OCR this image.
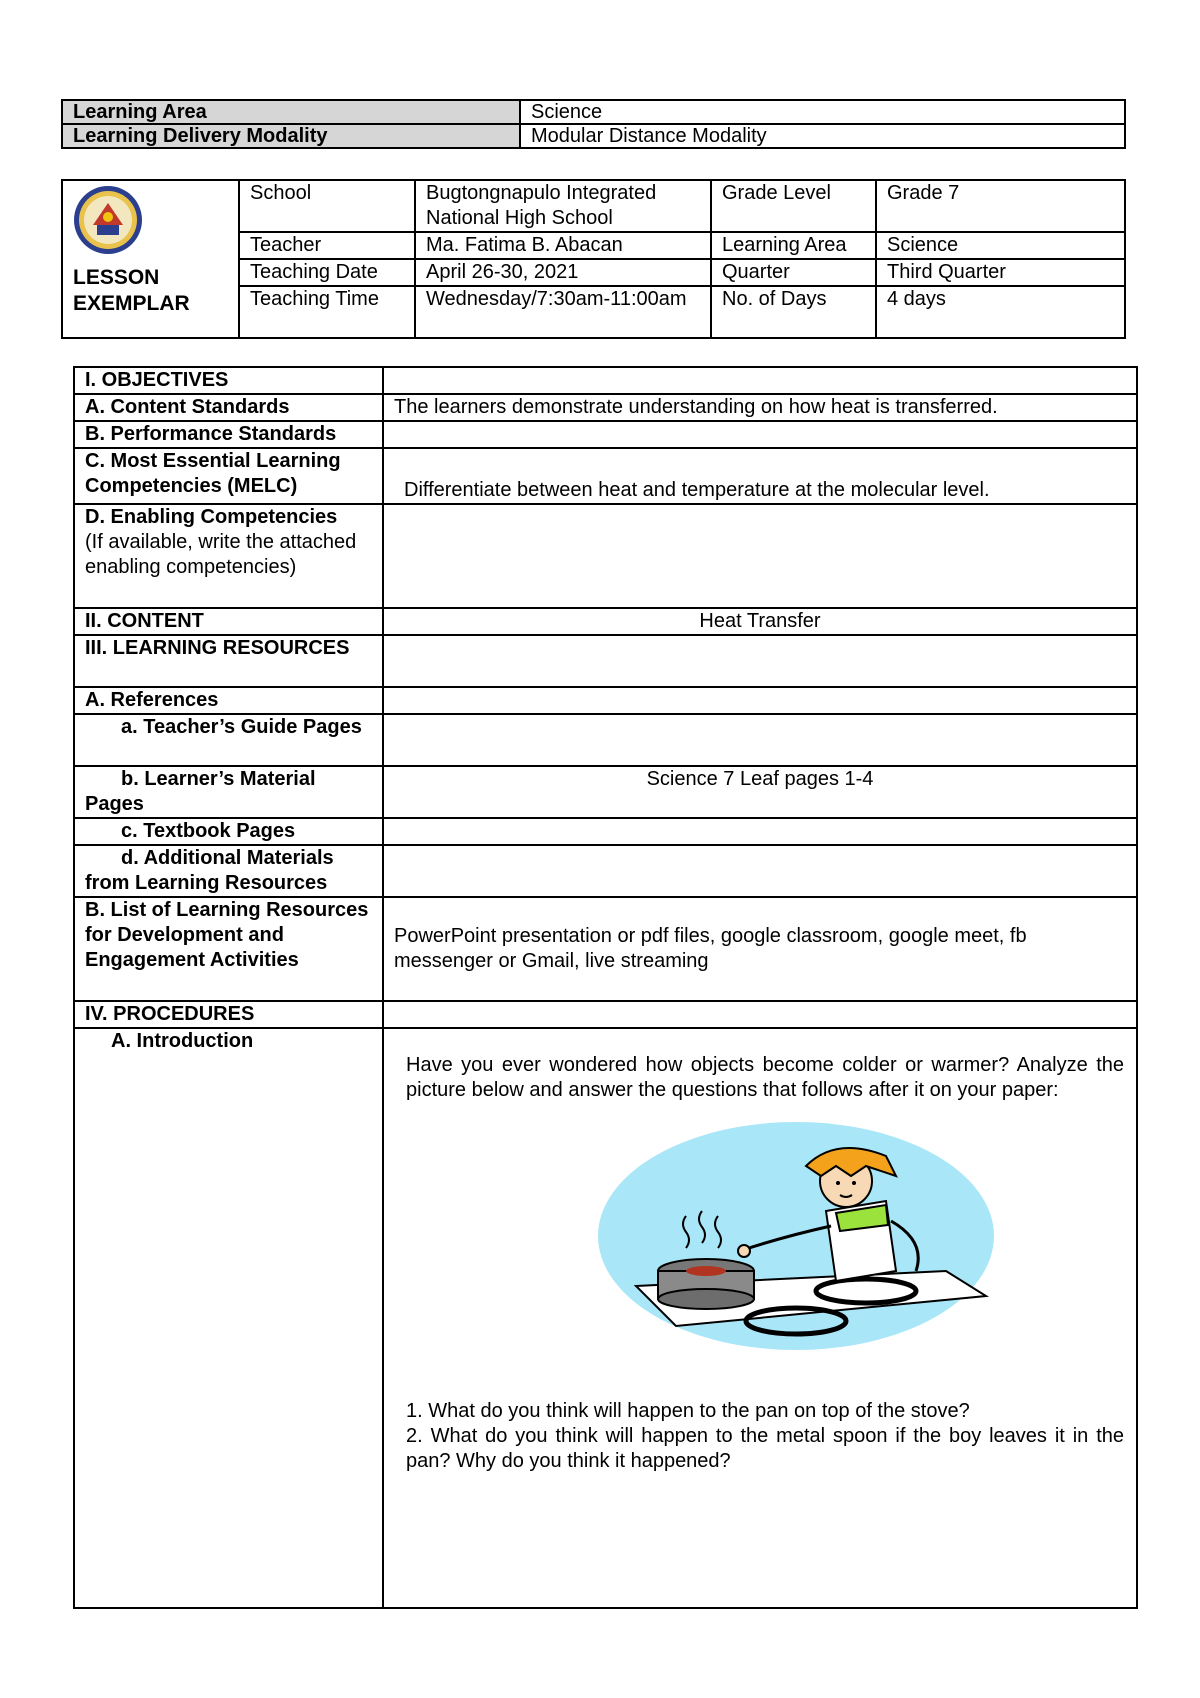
Learning Area	Science
Learning Delivery Modality	Modular Distance Modality
LESSON
EXEMPLAR	School	Bugtongnapulo Integrated National High School	Grade Level	Grade 7
	Teacher	Ma. Fatima B. Abacan	Learning Area	Science
	Teaching Date	April 26-30, 2021	Quarter	Third Quarter
	Teaching Time	Wednesday/7:30am-11:00am	No. of Days	4 days
I. OBJECTIVES	
A. Content Standards	The learners demonstrate understanding on how heat is transferred.
B. Performance Standards	
C. Most Essential Learning Competencies (MELC)	Differentiate between heat and temperature at the molecular level.
D. Enabling Competencies
(If available, write the attached enabling competencies)	
II. CONTENT	Heat Transfer
III. LEARNING RESOURCES	
A. References	
a. Teacher’s Guide Pages	
b. Learner’s Material Pages	Science 7 Leaf pages 1-4
c. Textbook Pages	
d. Additional Materials from Learning Resources	
B. List of Learning Resources for Development and Engagement Activities	PowerPoint presentation or pdf files, google classroom, google meet, fb messenger or Gmail, live streaming
IV. PROCEDURES	
A. Introduction	Have you ever wondered how objects become colder or warmer? Analyze the picture below and answer the questions that follows after it on your paper:

1. What do you think will happen to the pan on top of the stove?

2. What do you think will happen to the metal spoon if the boy leaves it in the pan? Why do you think it happened?
